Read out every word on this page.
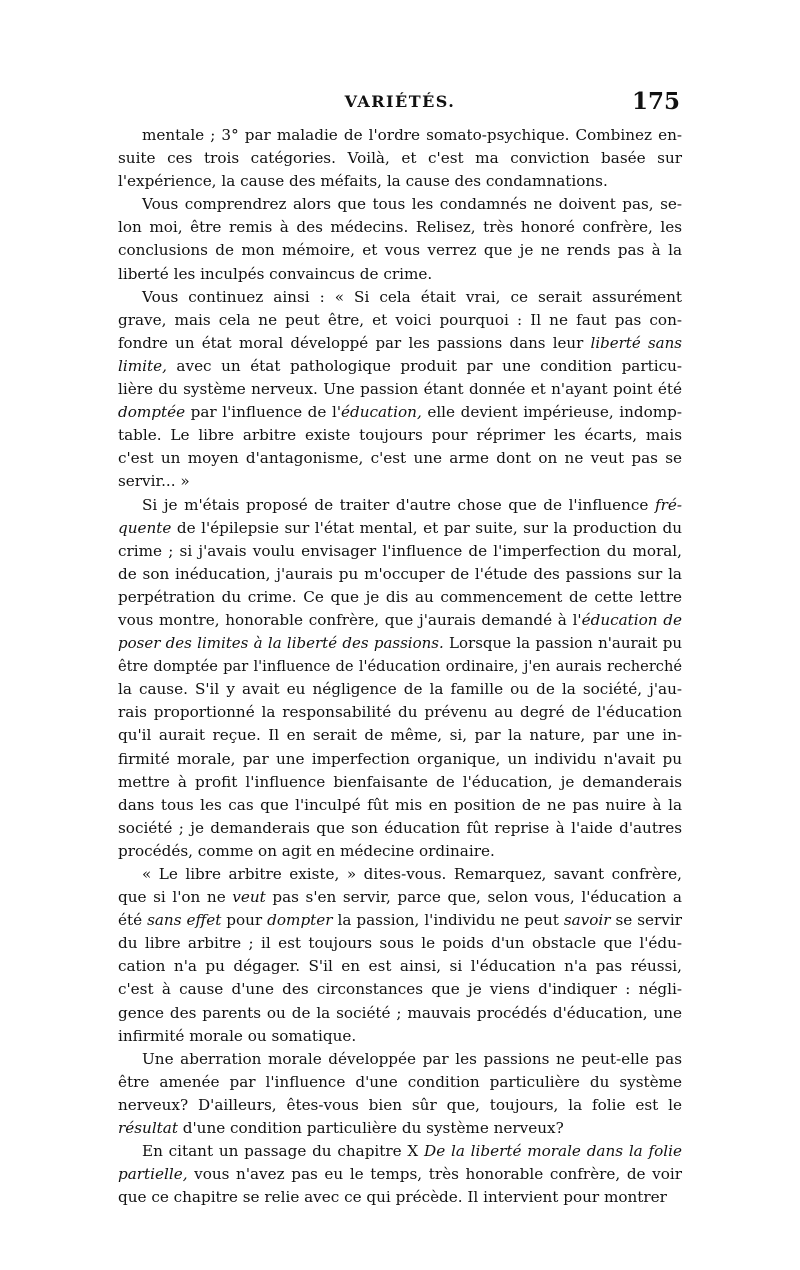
VARIÉTÉS.	175
mentale ; 3° par maladie de l'ordre somato-psychique. Combinez en-
suite ces trois catégories. Voilà, et c'est ma conviction basée sur
l'expérience, la cause des méfaits, la cause des condamnations.
Vous comprendrez alors que tous les condamnés ne doivent pas, se-
lon moi, être remis à des médecins. Relisez, très honoré confrère, les
conclusions de mon mémoire, et vous verrez que je ne rends pas à la
liberté les inculpés convaincus de crime.
Vous continuez ainsi : « Si cela était vrai, ce serait assurément
grave, mais cela ne peut être, et voici pourquoi : Il ne faut pas con-
fondre un état moral développé par les passions dans leur liberté sans
limite, avec un état pathologique produit par une condition particu-
lière du système nerveux. Une passion étant donnée et n'ayant point été
domptée par l'influence de l'éducation, elle devient impérieuse, indomp-
table. Le libre arbitre existe toujours pour réprimer les écarts, mais
c'est un moyen d'antagonisme, c'est une arme dont on ne veut pas se
servir... »
Si je m'étais proposé de traiter d'autre chose que de l'influence fré-
quente de l'épilepsie sur l'état mental, et par suite, sur la production du
crime ; si j'avais voulu envisager l'influence de l'imperfection du moral,
de son inéducation, j'aurais pu m'occuper de l'étude des passions sur la
perpétration du crime. Ce que je dis au commencement de cette lettre
vous montre, honorable confrère, que j'aurais demandé à l'éducation de
poser des limites à la liberté des passions. Lorsque la passion n'aurait pu
être domptée par l'influence de l'éducation ordinaire, j'en aurais recherché
la cause. S'il y avait eu négligence de la famille ou de la société, j'au-
rais proportionné la responsabilité du prévenu au degré de l'éducation
qu'il aurait reçue. Il en serait de même, si, par la nature, par une in-
firmité morale, par une imperfection organique, un individu n'avait pu
mettre à profit l'influence bienfaisante de l'éducation, je demanderais
dans tous les cas que l'inculpé fût mis en position de ne pas nuire à la
société ; je demanderais que son éducation fût reprise à l'aide d'autres
procédés, comme on agit en médecine ordinaire.
« Le libre arbitre existe, » dites-vous. Remarquez, savant confrère,
que si l'on ne veut pas s'en servir, parce que, selon vous, l'éducation a
été sans effet pour dompter la passion, l'individu ne peut savoir se servir
du libre arbitre ; il est toujours sous le poids d'un obstacle que l'édu-
cation n'a pu dégager. S'il en est ainsi, si l'éducation n'a pas réussi,
c'est à cause d'une des circonstances que je viens d'indiquer : négli-
gence des parents ou de la société ; mauvais procédés d'éducation, une
infirmité morale ou somatique.
Une aberration morale développée par les passions ne peut-elle pas
être amenée par l'influence d'une condition particulière du système
nerveux? D'ailleurs, êtes-vous bien sûr que, toujours, la folie est le
résultat d'une condition particulière du système nerveux?
En citant un passage du chapitre X De la liberté morale dans la folie
partielle, vous n'avez pas eu le temps, très honorable confrère, de voir
que ce chapitre se relie avec ce qui précède. Il intervient pour montrer
